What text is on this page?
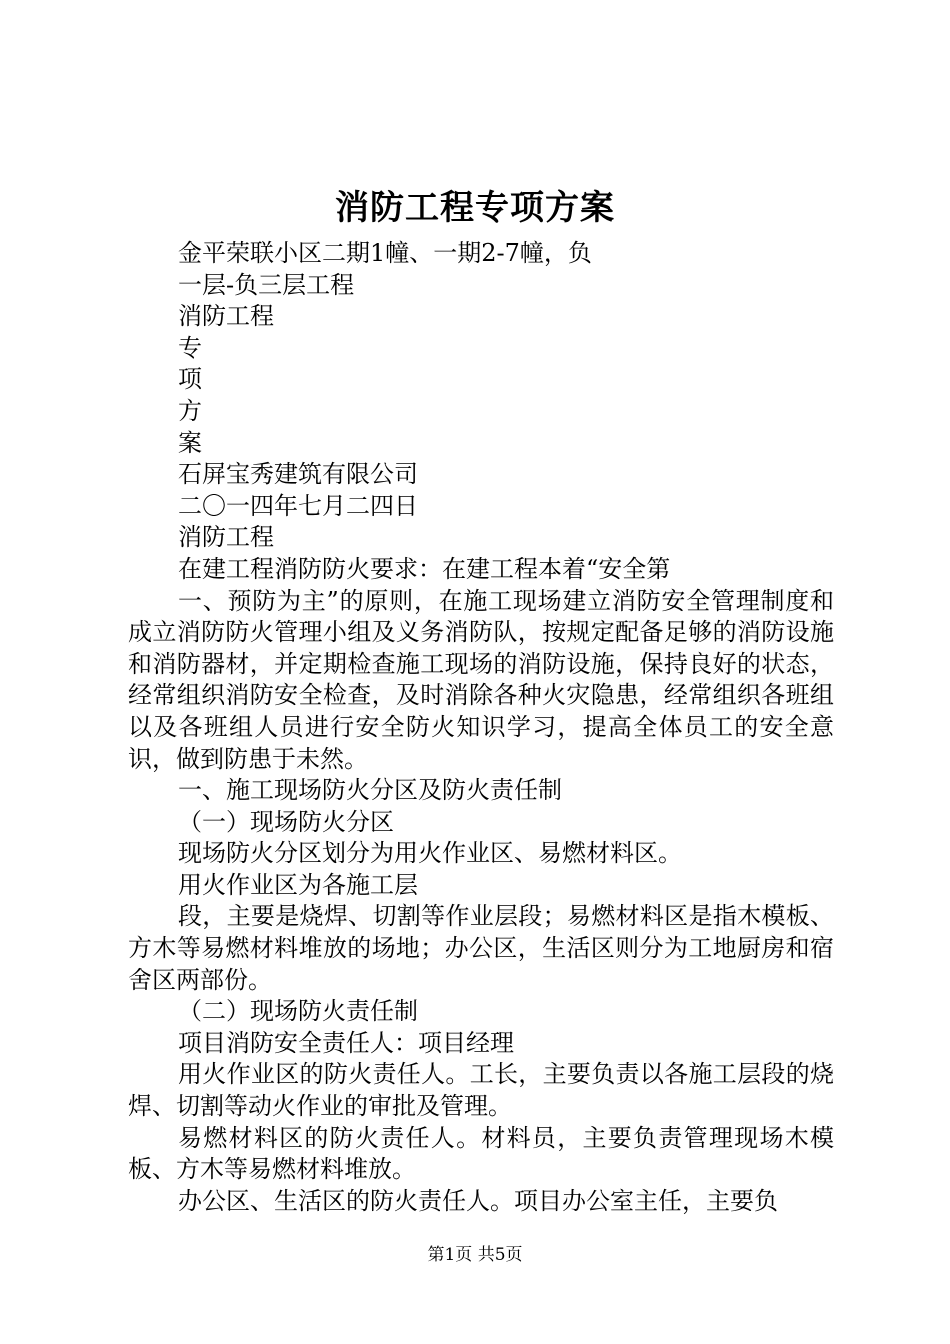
消防工程专项方案

金平荣联小区二期1幢、一期2-7幢，负

一层-负三层工程

消防工程

专

项

方

案

石屏宝秀建筑有限公司

二〇一四年七月二四日

消防工程

在建工程消防防火要求：在建工程本着“安全第

一、预防为主”的原则，在施工现场建立消防安全管理制度和成立消防防火管理小组及义务消防队，按规定配备足够的消防设施和消防器材，并定期检查施工现场的消防设施，保持良好的状态，经常组织消防安全检查，及时消除各种火灾隐患，经常组织各班组以及各班组人员进行安全防火知识学习，提高全体员工的安全意识，做到防患于未然。

一、施工现场防火分区及防火责任制

（一）现场防火分区

现场防火分区划分为用火作业区、易燃材料区。

用火作业区为各施工层

段，主要是烧焊、切割等作业层段；易燃材料区是指木模板、方木等易燃材料堆放的场地；办公区，生活区则分为工地厨房和宿舍区两部份。

（二）现场防火责任制

项目消防安全责任人：项目经理

用火作业区的防火责任人。工长，主要负责以各施工层段的烧焊、切割等动火作业的审批及管理。

易燃材料区的防火责任人。材料员，主要负责管理现场木模板、方木等易燃材料堆放。

办公区、生活区的防火责任人。项目办公室主任，主要负

第1页 共5页
